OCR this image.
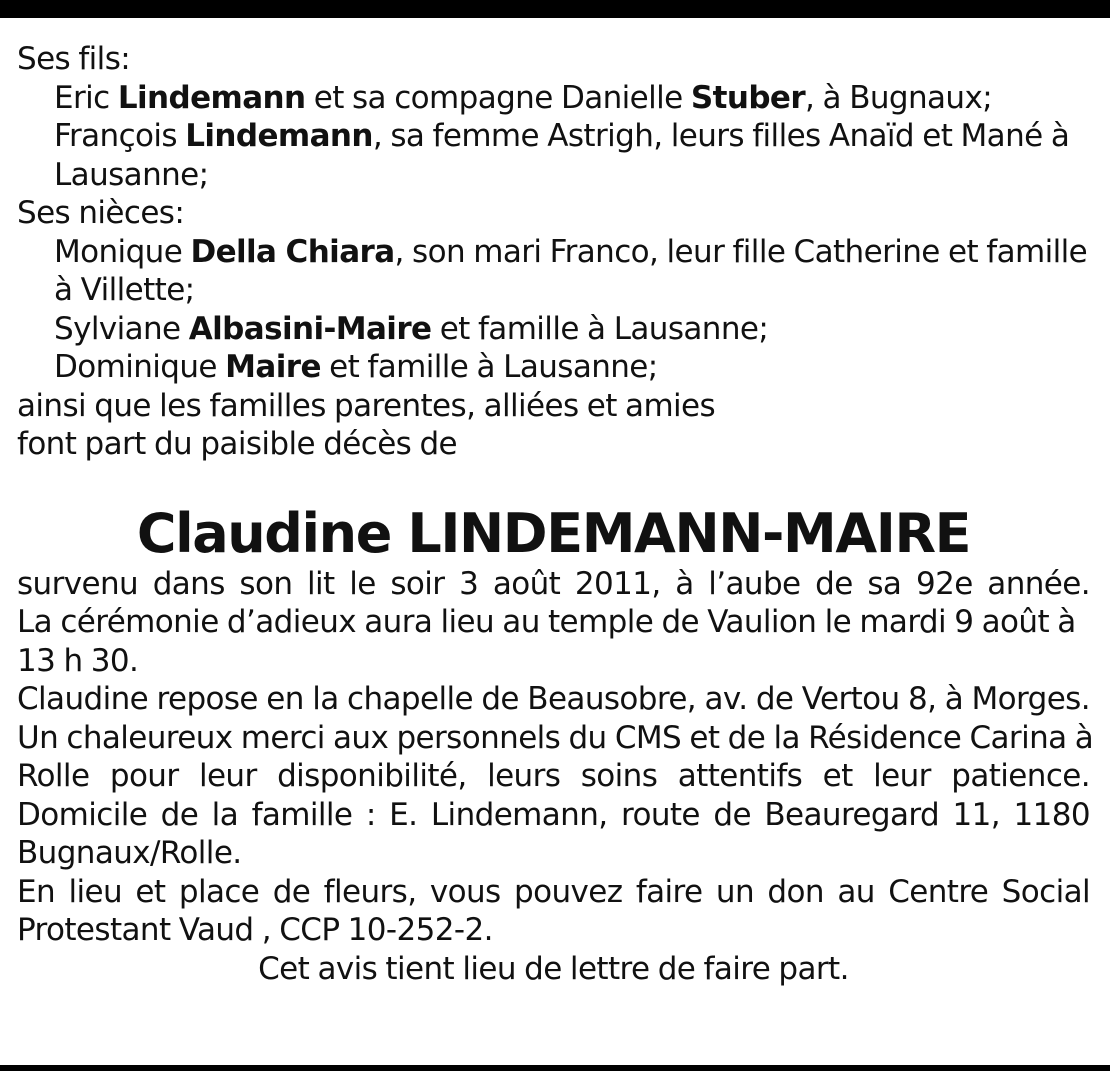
Ses fils:
Eric Lindemann et sa compagne Danielle Stuber, à Bugnaux;
François Lindemann, sa femme Astrigh, leurs filles Anaïd et Mané à
Lausanne;
Ses nièces:
Monique Della Chiara, son mari Franco, leur fille Catherine et famille
à Villette;
Sylviane Albasini-Maire et famille à Lausanne;
Dominique Maire et famille à Lausanne;
ainsi que les familles parentes, alliées et amies
font part du paisible décès de
Claudine LINDEMANN-MAIRE
survenu dans son lit le soir 3 août 2011, à l’aube de sa 92e année.
La cérémonie d’adieux aura lieu au temple de Vaulion le mardi 9 août à
13 h 30.
Claudine repose en la chapelle de Beausobre, av. de Vertou 8, à Morges.
Un chaleureux merci aux personnels du CMS et de la Résidence Carina à
Rolle pour leur disponibilité, leurs soins attentifs et leur patience.
Domicile de la famille : E. Lindemann, route de Beauregard 11, 1180
Bugnaux/Rolle.
En lieu et place de fleurs, vous pouvez faire un don au Centre Social
Protestant Vaud , CCP 10-252-2.
Cet avis tient lieu de lettre de faire part.
